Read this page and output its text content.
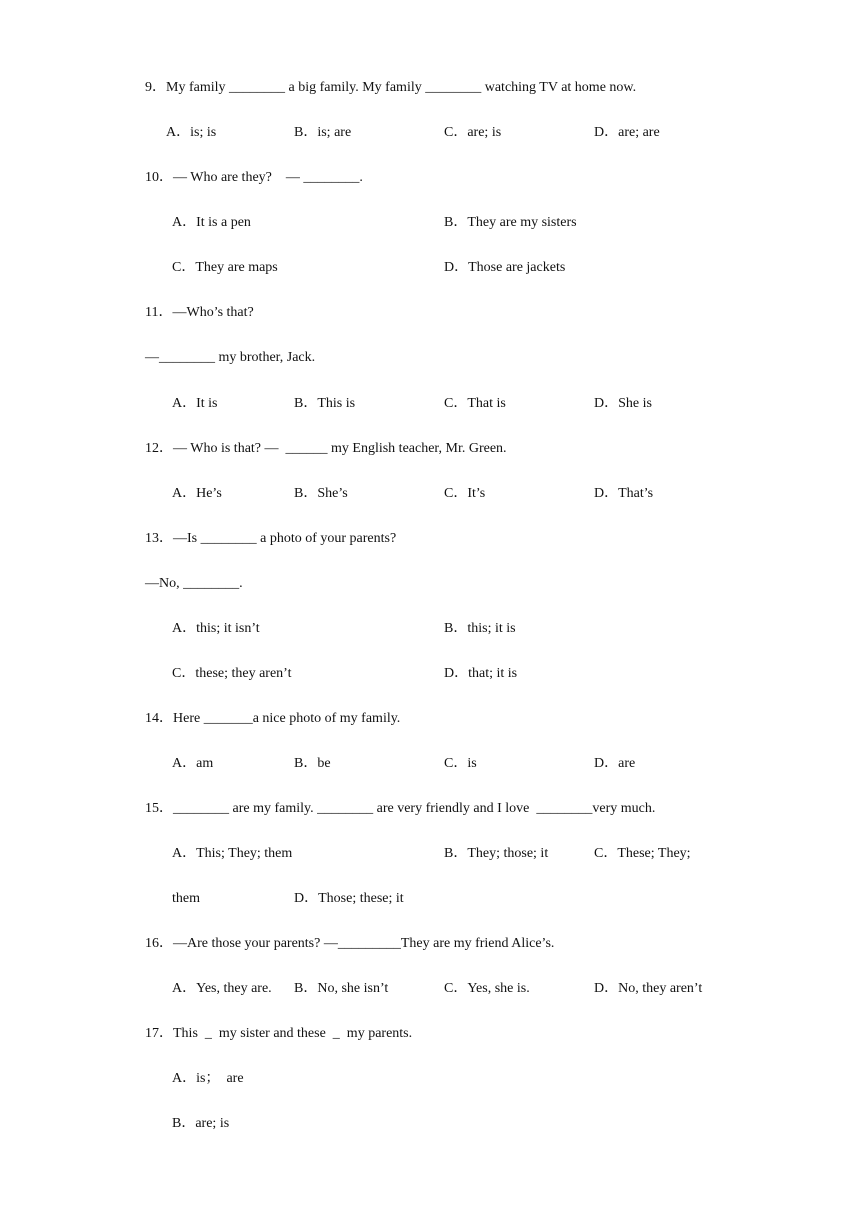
9．My family ________ a big family. My family ________ watching TV at home now.
A．is; is	B．is; are	C．are; is	D．are; are
10．— Who are they?    — ________.
A．It is a pen	B．They are my sisters
C．They are maps	D．Those are jackets
11．—Who’s that?
—________ my brother, Jack.
A．It is	B．This is	C．That is	D．She is
12．— Who is that? —  ______ my English teacher, Mr. Green.
A．He’s	B．She’s	C．It’s	D．That’s
13．—Is ________ a photo of your parents?
—No, ________.
A．this; it isn’t	B．this; it is
C．these; they aren’t	D．that; it is
14．Here _______a nice photo of my family.
A．am	B．be	C．is	D．are
15．________ are my family. ________ are very friendly and I love  ________very much.
A．This; They; them	B．They; those; it	C．These; They;
them	D．Those; these; it
16．—Are those your parents? —_________They are my friend Alice’s.
A．Yes, they are. B．No, she isn’t	C．Yes, she is.	D．No, they aren’t
17．This  _  my sister and these  _  my parents.
A．is；  are
B．are; is
